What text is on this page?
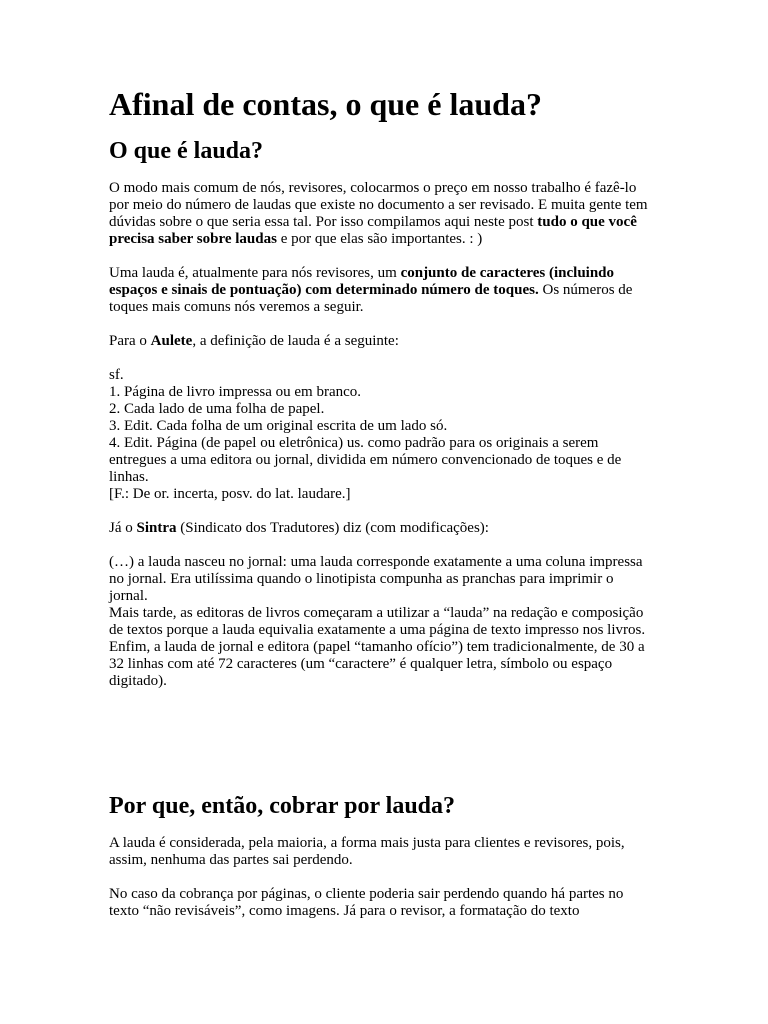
Afinal de contas, o que é lauda?
O que é lauda?

O modo mais comum de nós, revisores, colocarmos o preço em nosso trabalho é fazê-lo por meio do número de laudas que existe no documento a ser revisado. E muita gente tem dúvidas sobre o que seria essa tal. Por isso compilamos aqui neste post tudo o que você precisa saber sobre laudas e por que elas são importantes. : )

Uma lauda é, atualmente para nós revisores, um conjunto de caracteres (incluindo espaços e sinais de pontuação) com determinado número de toques. Os números de toques mais comuns nós veremos a seguir.

Para o Aulete, a definição de lauda é a seguinte:

sf.
1. Página de livro impressa ou em branco.
2. Cada lado de uma folha de papel.
3. Edit. Cada folha de um original escrita de um lado só.
4. Edit. Página (de papel ou eletrônica) us. como padrão para os originais a serem entregues a uma editora ou jornal, dividida em número convencionado de toques e de linhas.
[F.: De or. incerta, posv. do lat. laudare.]

Já o Sintra (Sindicato dos Tradutores) diz (com modificações):

(…) a lauda nasceu no jornal: uma lauda corresponde exatamente a uma coluna impressa no jornal. Era utilíssima quando o linotipista compunha as pranchas para imprimir o jornal.
Mais tarde, as editoras de livros começaram a utilizar a “lauda” na redação e composição de textos porque a lauda equivalia exatamente a uma página de texto impresso nos livros.
Enfim, a lauda de jornal e editora (papel “tamanho ofício”) tem tradicionalmente, de 30 a 32 linhas com até 72 caracteres (um “caractere” é qualquer letra, símbolo ou espaço digitado).
Por que, então, cobrar por lauda?

A lauda é considerada, pela maioria, a forma mais justa para clientes e revisores, pois, assim, nenhuma das partes sai perdendo.

No caso da cobrança por páginas, o cliente poderia sair perdendo quando há partes no texto “não revisáveis”, como imagens. Já para o revisor, a formatação do texto
